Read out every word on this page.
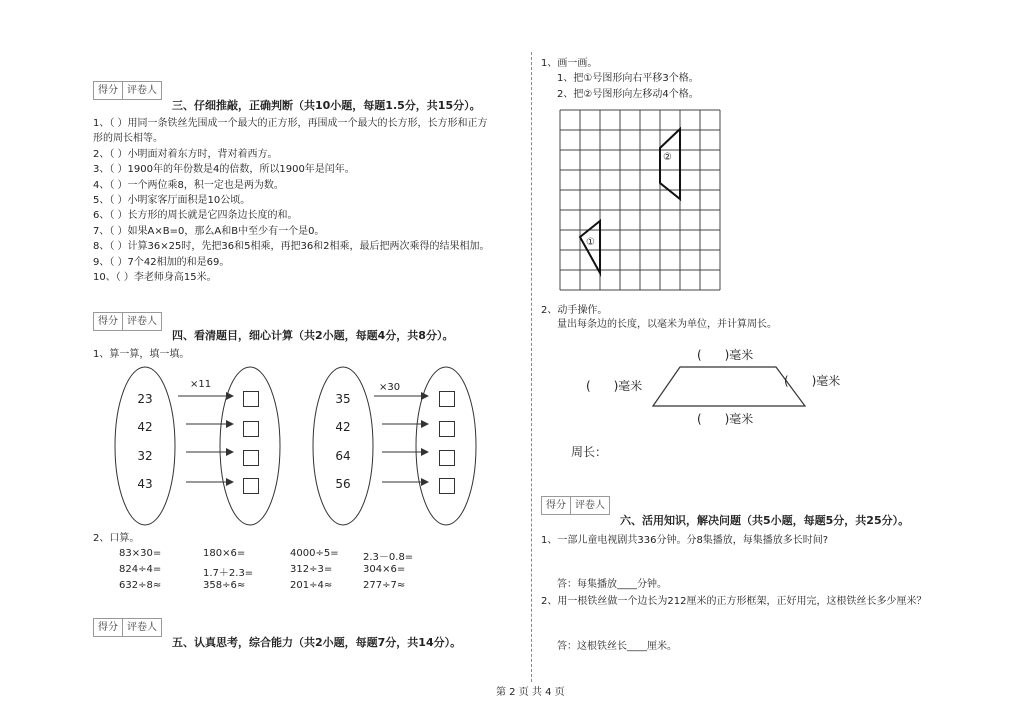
得分 评卷人
三、仔细推敲，正确判断（共10小题，每题1.5分，共15分）。
1、（ ）用同一条铁丝先围成一个最大的正方形，再围成一个最大的长方形，长方形和正方
形的周长相等。
2、（ ）小明面对着东方时，背对着西方。
3、（ ）1900年的年份数是4的倍数，所以1900年是闰年。
4、（ ）一个两位乘8，积一定也是两为数。
5、（ ）小明家客厅面积是10公顷。
6、（ ）长方形的周长就是它四条边长度的和。
7、（ ）如果A×B=0，那么A和B中至少有一个是0。
8、（ ）计算36×25时，先把36和5相乘，再把36和2相乘，最后把两次乘得的结果相加。
9、（ ）7个42相加的和是69。
10、（ ）李老师身高15米。
得分 评卷人
四、看清题目，细心计算（共2小题，每题4分，共8分）。
1、算一算，填一填。
×11
23
42
32
43
×30
35
42
64
56
2、口算。
83×30=	180×6=	4000÷5= 2.3－0.8=
824÷4=	1.7＋2.3=	312÷3=	304×6=
632÷8≈	358÷6≈	201÷4≈	277÷7≈
得分 评卷人
五、认真思考，综合能力（共2小题，每题7分，共14分）。
1、画一画。
1、把①号图形向右平移3个格。
2、把②号图形向左移动4个格。
①
②
2、动手操作。
量出每条边的长度，以毫米为单位，并计算周长。
(      )毫米
(      )毫米	(      )毫米
(      )毫米
周长：
得分 评卷人
六、活用知识，解决问题（共5小题，每题5分，共25分）。
1、一部儿童电视剧共336分钟。分8集播放，每集播放多长时间?
答：每集播放____分钟。
2、用一根铁丝做一个边长为212厘米的正方形框架，正好用完，这根铁丝长多少厘米？
答：这根铁丝长____厘米。
第 2 页 共 4 页
